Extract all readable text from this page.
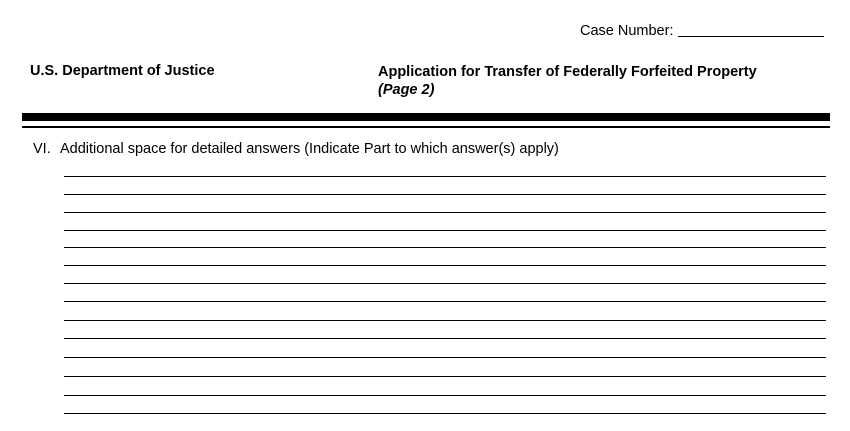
Case Number:
U.S. Department of Justice	Application for Transfer of Federally Forfeited Property
(Page 2)
VI. Additional space for detailed answers (Indicate Part to which answer(s) apply)
